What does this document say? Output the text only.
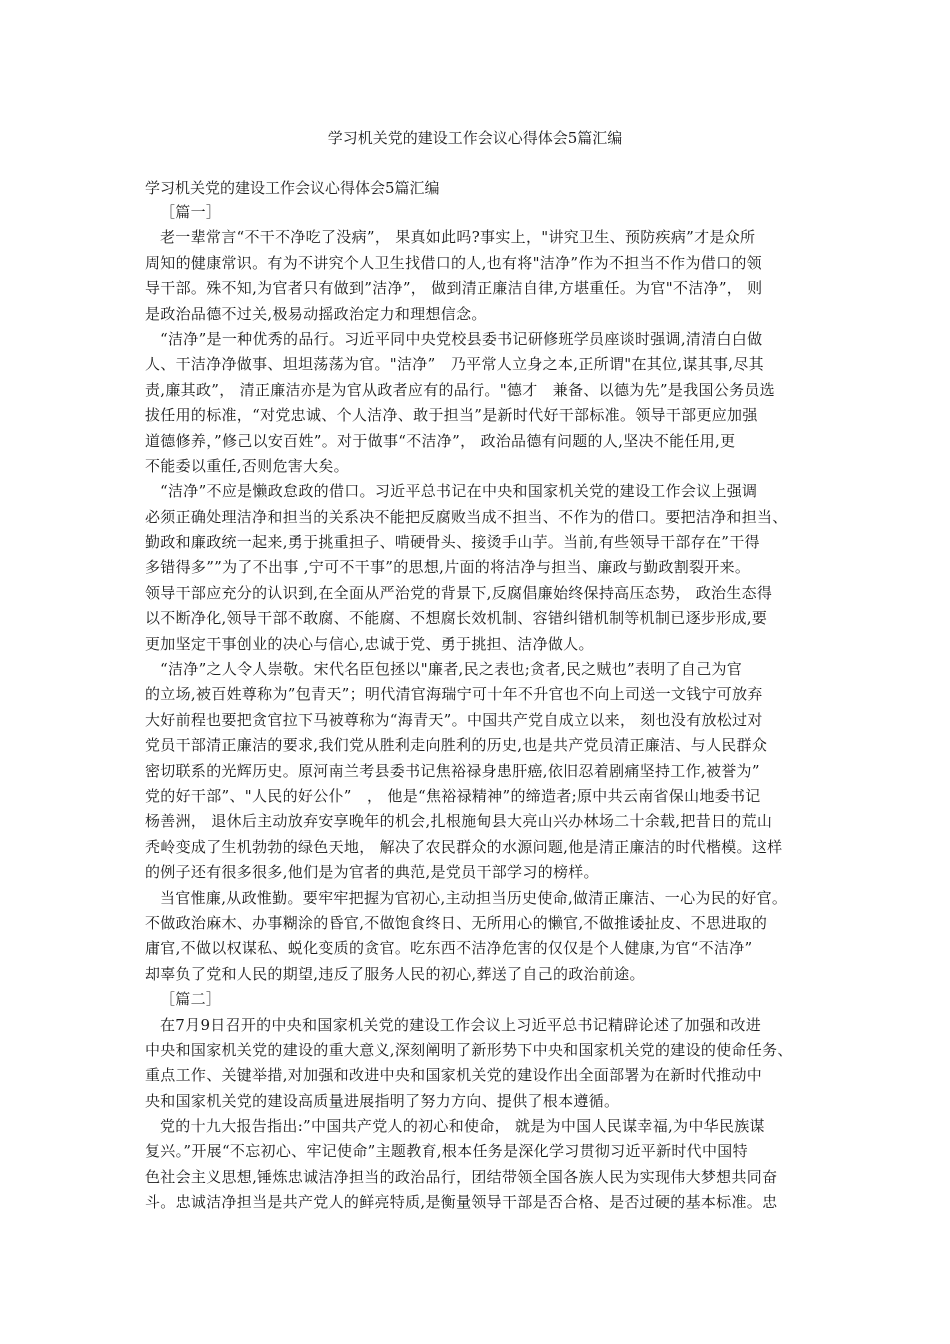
学习机关党的建设工作会议心得体会5篇汇编
学习机关党的建设工作会议心得体会5篇汇编
［篇一］
老一辈常言“不干不净吃了没病”， 果真如此吗?事实上，"讲究卫生、预防疾病”才是众所
周知的健康常识。有为不讲究个人卫生找借口的人,也有将"洁净”作为不担当不作为借口的领
导干部。殊不知,为官者只有做到”洁净”， 做到清正廉洁自律,方堪重任。为官"不洁净”， 则
是政治品德不过关,极易动摇政治定力和理想信念。
“洁净”是一种优秀的品行。习近平同中央党校县委书记研修班学员座谈时强调,清清白白做
人、干洁净净做事、坦坦荡荡为官。"洁净”　乃平常人立身之本,正所谓"在其位,谋其事,尽其
责,廉其政”， 清正廉洁亦是为官从政者应有的品行。"德才　兼备、以德为先”是我国公务员选
拔任用的标准，“对党忠诚、个人洁净、敢于担当”是新时代好干部标准。领导干部更应加强
道德修养，”修己以安百姓”。对于做事“不洁净”， 政治品德有问题的人,坚决不能任用,更
不能委以重任,否则危害大矣。
“洁净”不应是懒政怠政的借口。习近平总书记在中央和国家机关党的建设工作会议上强调
必须正确处理洁净和担当的关系决不能把反腐败当成不担当、不作为的借口。要把洁净和担当、
勤政和廉政统一起来,勇于挑重担子、啃硬骨头、接烫手山芋。当前,有些领导干部存在”干得
多错得多””为了不出事 ,宁可不干事”的思想,片面的将洁净与担当、廉政与勤政割裂开来。
领导干部应充分的认识到,在全面从严治党的背景下,反腐倡廉始终保持高压态势， 政治生态得
以不断净化,领导干部不敢腐、不能腐、不想腐长效机制、容错纠错机制等机制已逐步形成,要
更加坚定干事创业的决心与信心,忠诚于党、勇于挑担、洁净做人。
“洁净”之人令人崇敬。宋代名臣包拯以"廉者,民之表也;贪者,民之贼也”表明了自己为官
的立场,被百姓尊称为”包青天”；明代清官海瑞宁可十年不升官也不向上司送一文钱宁可放弃
大好前程也要把贪官拉下马被尊称为“海青天”。中国共产党自成立以来， 刻也没有放松过对
党员干部清正廉洁的要求,我们党从胜利走向胜利的历史,也是共产党员清正廉洁、与人民群众
密切联系的光辉历史。原河南兰考县委书记焦裕禄身患肝癌,依旧忍着剧痛坚持工作,被誉为”
党的好干部”、"人民的好公仆”　， 他是“焦裕禄精神”的缔造者;原中共云南省保山地委书记
杨善洲， 退休后主动放弃安享晚年的机会,扎根施甸县大亮山兴办林场二十余载,把昔日的荒山
秃岭变成了生机勃勃的绿色天地， 解决了农民群众的水源问题,他是清正廉洁的时代楷模。这样
的例子还有很多很多,他们是为官者的典范,是党员干部学习的榜样。
当官惟廉,从政惟勤。要牢牢把握为官初心,主动担当历史使命,做清正廉洁、一心为民的好官。
不做政治麻木、办事糊涂的昏官,不做饱食终日、无所用心的懒官,不做推诿扯皮、不思进取的
庸官,不做以权谋私、蜕化变质的贪官。吃东西不洁净危害的仅仅是个人健康,为官“不洁净”
却辜负了党和人民的期望,违反了服务人民的初心,葬送了自己的政治前途。
［篇二］
在7月9日召开的中央和国家机关党的建设工作会议上习近平总书记精辟论述了加强和改进
中央和国家机关党的建设的重大意义,深刻阐明了新形势下中央和国家机关党的建设的使命任务、
重点工作、关键举措,对加强和改进中央和国家机关党的建设作出全面部署为在新时代推动中
央和国家机关党的建设高质量进展指明了努力方向、提供了根本遵循。
党的十九大报告指出:”中国共产党人的初心和使命， 就是为中国人民谋幸福,为中华民族谋
复兴。”开展“不忘初心、牢记使命”主题教育,根本任务是深化学习贯彻习近平新时代中国特
色社会主义思想,锤炼忠诚洁净担当的政治品行，团结带领全国各族人民为实现伟大梦想共同奋
斗。忠诚洁净担当是共产党人的鲜亮特质,是衡量领导干部是否合格、是否过硬的基本标准。忠
